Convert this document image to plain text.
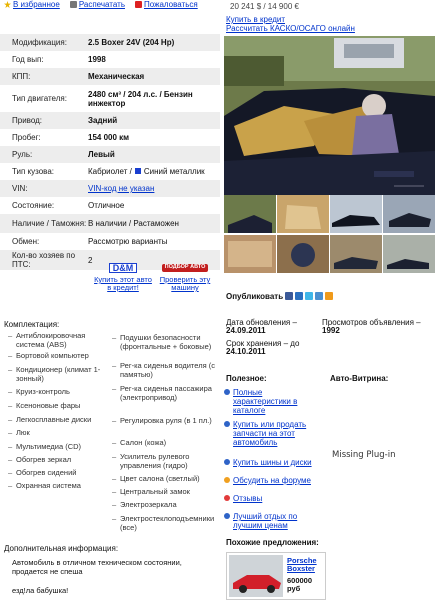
В избранное	Распечатать	Пожаловаться
Модификация:	2.5 Boxer 24V (204 Hp)
Год вып:	1998
КПП:	Механическая
Тип двигателя:	2480 см³ / 204 л.с. / Бензин инжектор
Привод:	Задний
Пробег:	154 000 км
Руль:	Левый
Тип кузова:	Кабриолет / Синий металлик
VIN:	VIN-код не указан
Состояние:	Отличное
Наличие / Таможня: В наличии / Растаможен
Обмен:	Рассмотрю варианты
Кол-во хозяев по ПТС:	2
D&M
Купить этот авто в кредит!
ПОДБОР АВТО
Проверить эту машину
Комплектация:
– Антиблокировочная система (ABS)
– Бортовой компьютер
– Кондиционер (климат 1-зонный)
– Круиз-контроль
– Ксеноновые фары
– Легкосплавные диски
– Люк
– Мультимедиа (CD)
– Обогрев зеркал
– Обогрев сидений
– Охранная система
– Подушки безопасности (фронтальные + боковые)
– Рег-ка сиденья водителя (с памятью)
– Рег-ка сиденья пассажира (электропривод)
– Регулировка руля (в 1 пл.)
– Салон (кожа)
– Усилитель рулевого управления (гидро)
– Цвет салона (светлый)
– Центральный замок
– Электрозеркала
– Электростеклоподъемники (все)
Дополнительная информация:
Автомобиль в отличном техническом состоянии, продается не спеша
езд!ла бабушка!
20 241 $ / 14 900 €
Купить в кредит
Рассчитать КАСКО/ОСАГО онлайн
Опубликовать
Дата обновления –
24.09.2011
Просмотров объявления –
1992
Срок хранения – до
24.10.2011
Полезное:	Авто-Витрина:
Полные характеристики в каталоге
Купить или продать запчасти на этот автомобиль
Купить шины и диски
Обсудить на форуме
Отзывы
Лучший отдых по лучшим ценам
Missing Plug-in
Похожие предложения:
Porsche Boxster
600000 руб
